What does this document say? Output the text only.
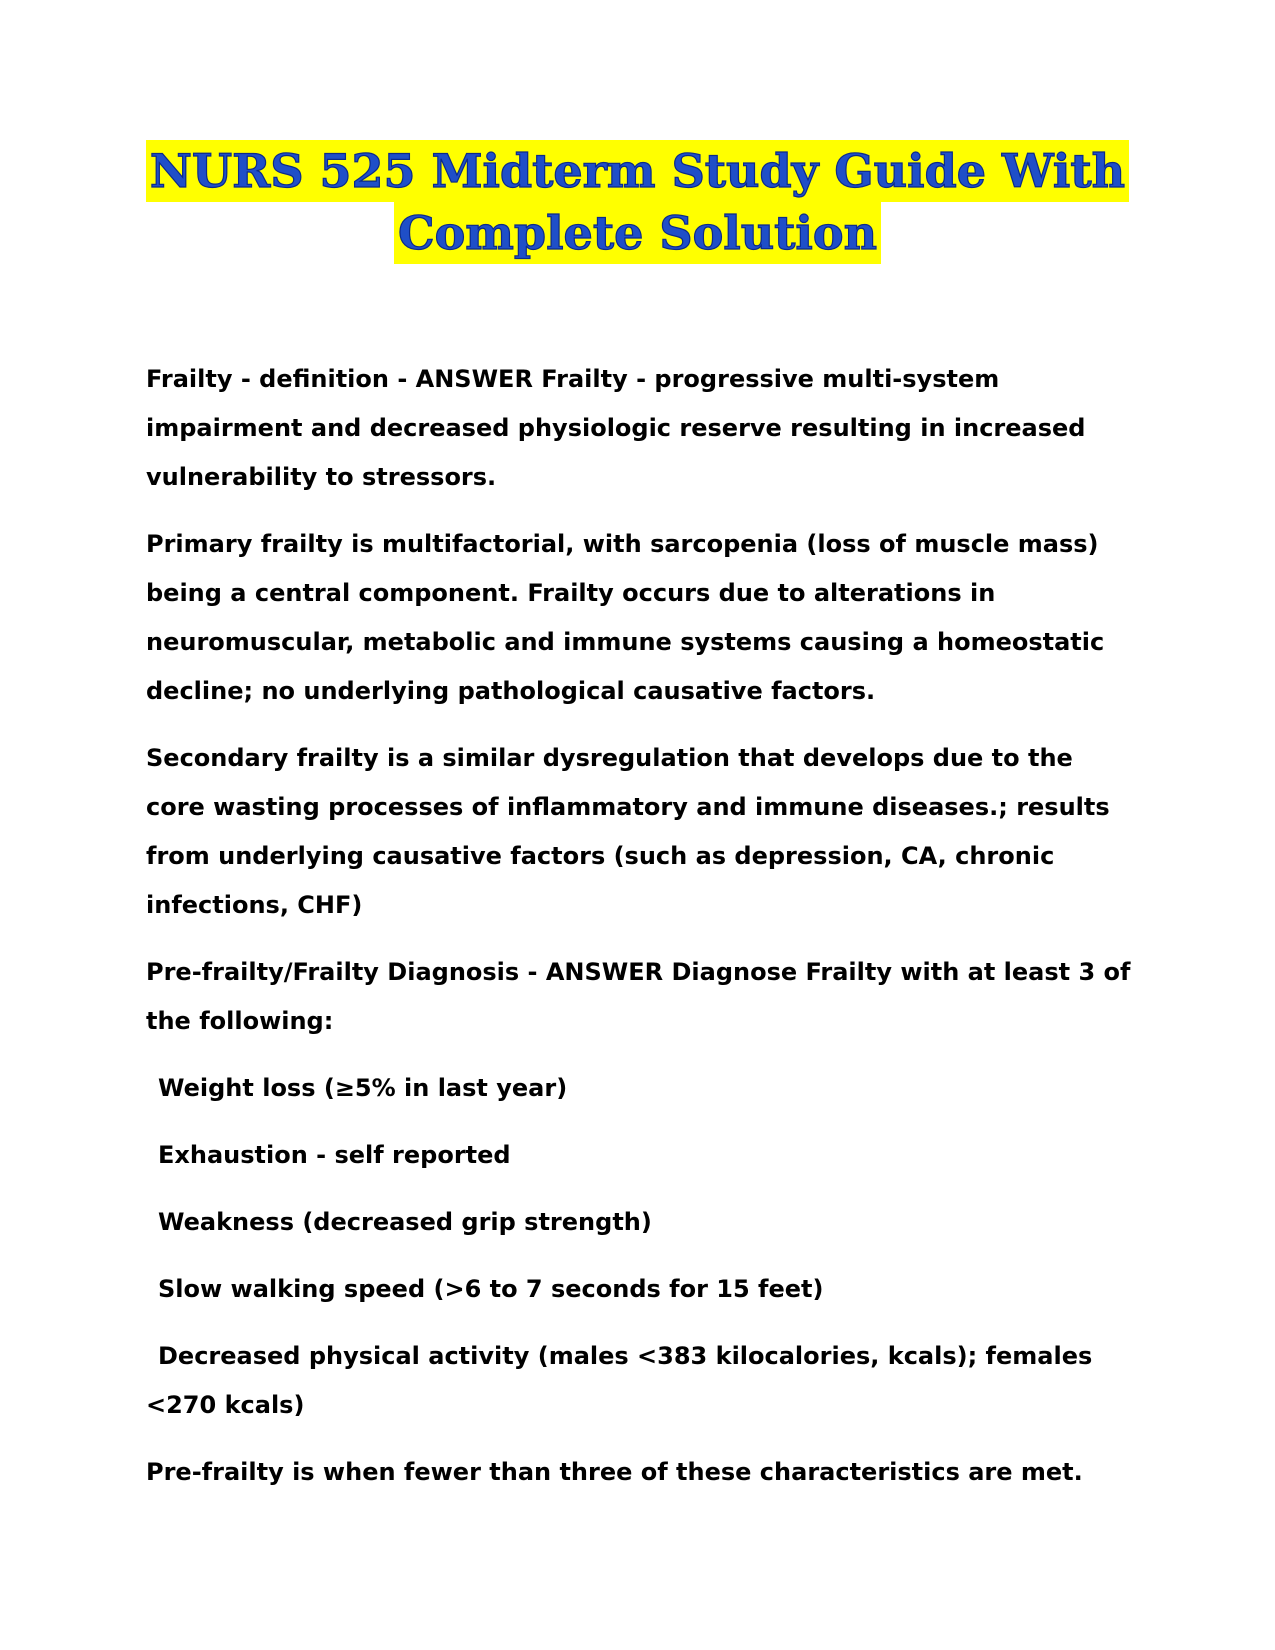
NURS 525 Midterm Study Guide With
Complete Solution

Frailty - definition - ANSWER Frailty - progressive multi-system impairment and decreased physiologic reserve resulting in increased vulnerability to stressors.

Primary frailty is multifactorial, with sarcopenia (loss of muscle mass) being a central component. Frailty occurs due to alterations in neuromuscular, metabolic and immune systems causing a homeostatic decline; no underlying pathological causative factors.

Secondary frailty is a similar dysregulation that develops due to the core wasting processes of inflammatory and immune diseases.; results from underlying causative factors (such as depression, CA, chronic infections, CHF)

Pre-frailty/Frailty Diagnosis - ANSWER Diagnose Frailty with at least 3 of the following:

Weight loss (≥5% in last year)

Exhaustion - self reported

Weakness (decreased grip strength)

Slow walking speed (>6 to 7 seconds for 15 feet)

Decreased physical activity (males <383 kilocalories, kcals); females <270 kcals)

Pre-frailty is when fewer than three of these characteristics are met.
